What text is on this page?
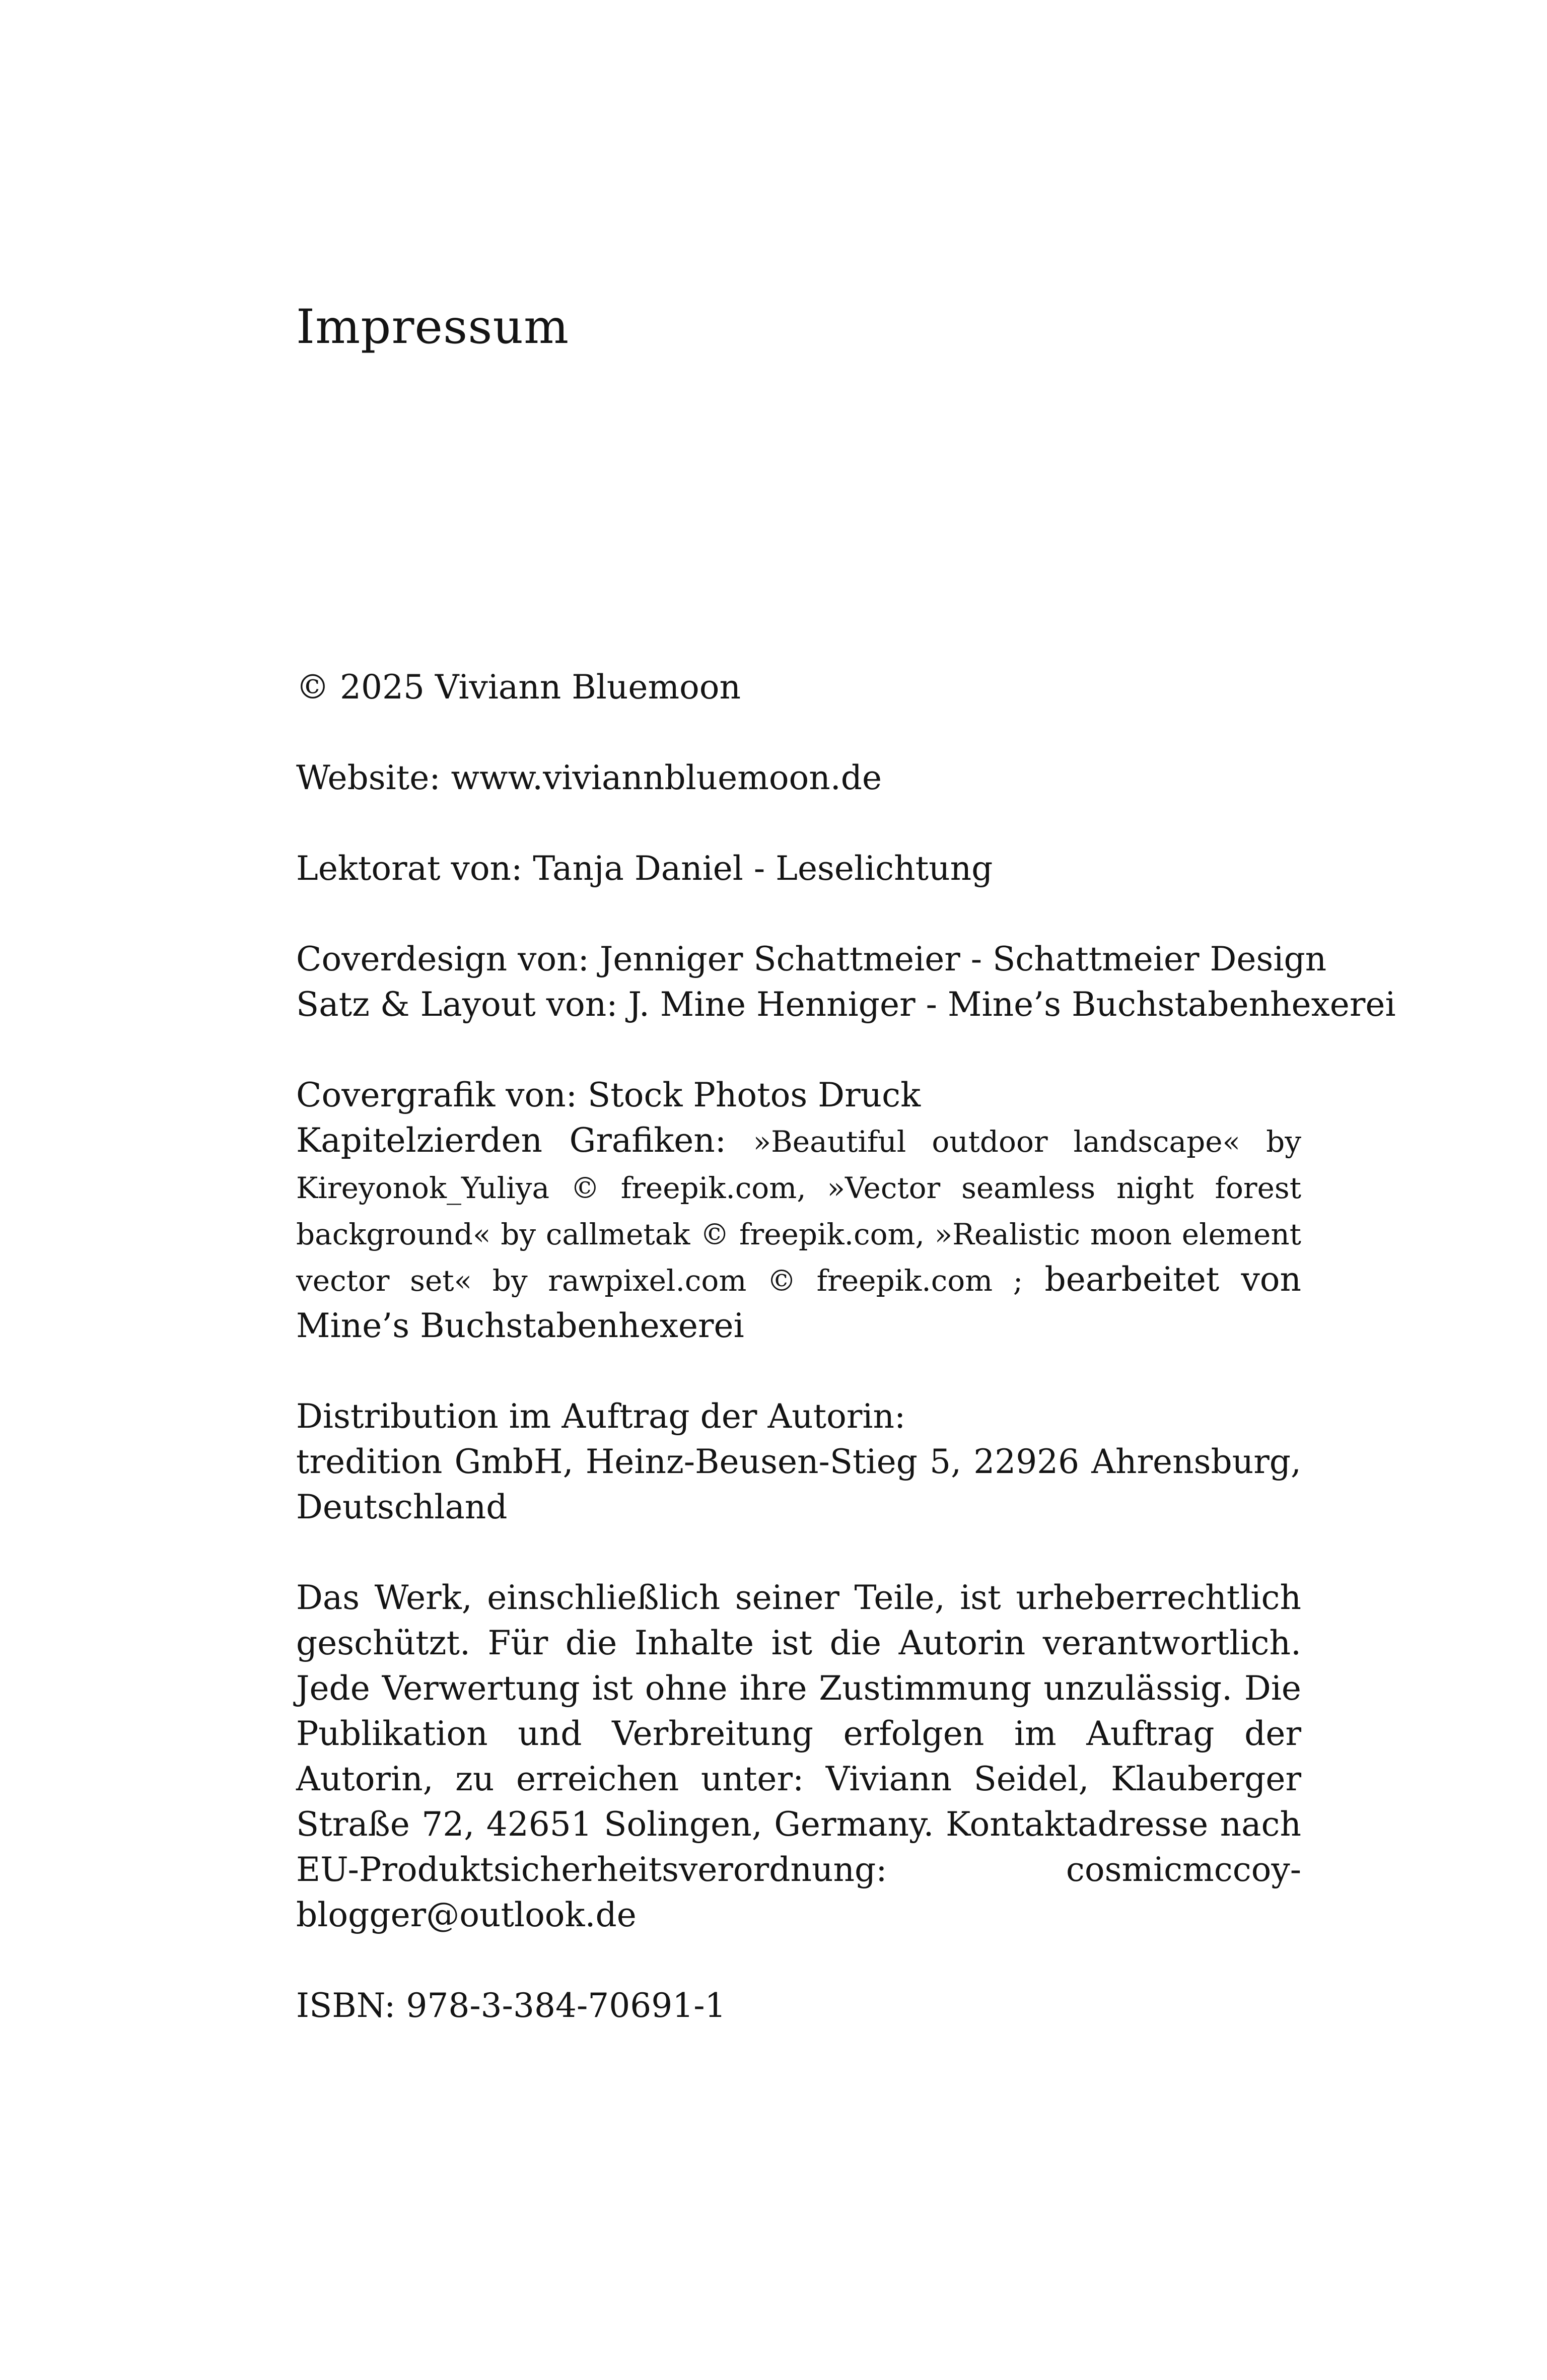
Impressum

© 2025 Viviann Bluemoon

Website: www.viviannbluemoon.de

Lektorat von: Tanja Daniel - Leselichtung

Coverdesign von: Jenniger Schattmeier - Schattmeier Design
Satz & Layout von: J. Mine Henniger - Mine’s Buchstabenhexerei

Covergrafik von: Stock Photos Druck
Kapitelzierden Grafiken: »Beautiful outdoor landscape« by Kireyonok_Yuliya © freepik.com, »Vector seamless night forest background« by callmetak © freepik.com, »Realistic moon element vector set« by rawpixel.com © freepik.com ; bearbeitet von Mine’s Buchstabenhexerei

Distribution im Auftrag der Autorin:
tredition GmbH, Heinz-Beusen-Stieg 5, 22926 Ahrensburg, Deutschland

Das Werk, einschließlich seiner Teile, ist urheberrechtlich geschützt. Für die Inhalte ist die Autorin verantwortlich. Jede Verwertung ist ohne ihre Zustimmung unzulässig. Die Publikation und Verbreitung erfolgen im Auftrag der Autorin, zu erreichen unter: Viviann Seidel, Klauberger Straße 72, 42651 Solingen, Germany. Kontaktadresse nach EU-Produktsicherheitsverordnung: cosmicmccoyblogger@outlook.de

ISBN: 978-3-384-70691-1
